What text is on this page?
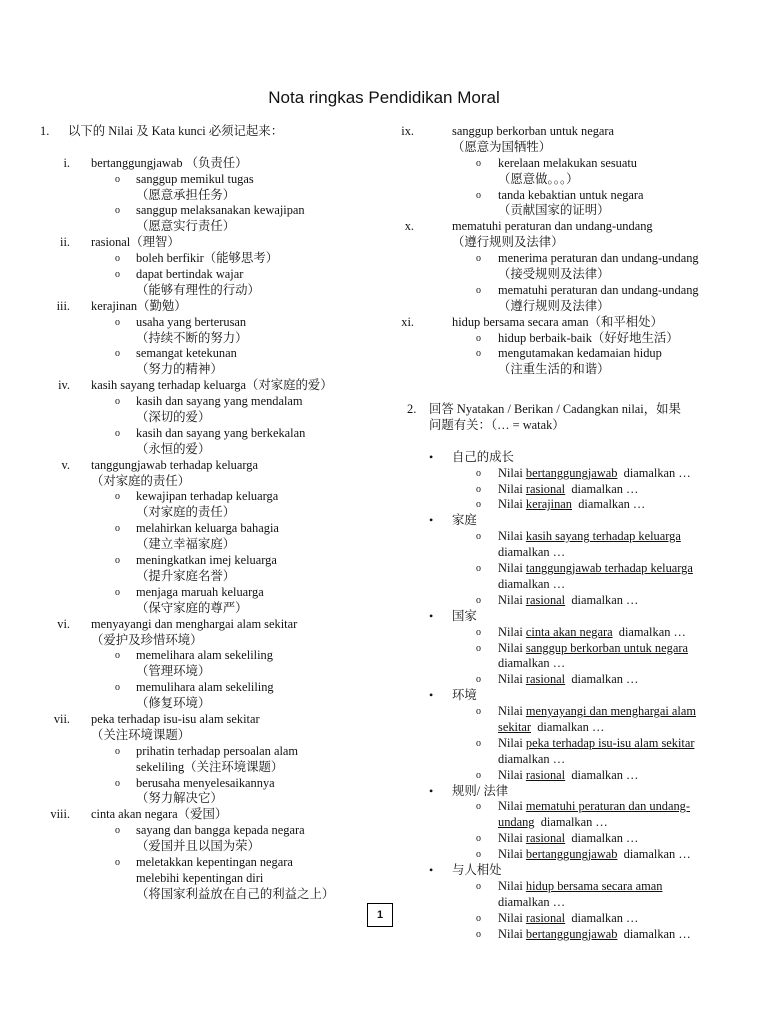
Nota ringkas Pendidikan Moral
1. 以下的 Nilai 及 Kata kunci 必须记起来：
i. bertanggungjawab （负责任）
o sanggup memikul tugas
（愿意承担任务）
o sanggup melaksanakan kewajipan
（愿意实行责任）
ii. rasional（理智）
o boleh berfikir（能够思考）
o dapat bertindak wajar
（能够有理性的行动）
iii. kerajinan（勤勉）
o usaha yang berterusan
（持续不断的努力）
o semangat ketekunan
（努力的精神）
iv. kasih sayang terhadap keluarga（对家庭的爱）
o kasih dan sayang yang mendalam
（深切的爱）
o kasih dan sayang yang berkekalan
（永恒的爱）
v. tanggungjawab terhadap keluarga
（对家庭的责任）
o kewajipan terhadap keluarga
（对家庭的责任）
o melahirkan keluarga bahagia
（建立幸福家庭）
o meningkatkan imej keluarga
（提升家庭名誉）
o menjaga maruah keluarga
（保守家庭的尊严）
vi. menyayangi dan menghargai alam sekitar
（爱护及珍惜环境）
o memelihara alam sekeliling
（管理环境）
o memulihara alam sekeliling
（修复环境）
vii. peka terhadap isu-isu alam sekitar
（关注环境课题）
o prihatin terhadap persoalan alam
sekeliling（关注环境课题）
o berusaha menyelesaikannya
（努力解决它）
viii. cinta akan negara（爱国）
o sayang dan bangga kepada negara
（爱国并且以国为荣）
o meletakkan kepentingan negara
melebihi kepentingan diri
（将国家利益放在自己的利益之上）
ix.	sanggup berkorban untuk negara
（愿意为国牺牲）
o kerelaan melakukan sesuatu
（愿意做。。。）
o tanda kebaktian untuk negara
（贡献国家的证明）
x.	mematuhi peraturan dan undang-undang
（遵行规则及法律）
o menerima peraturan dan undang-undang
（接受规则及法律）
o mematuhi peraturan dan undang-undang
（遵行规则及法律）
xi.	hidup bersama secara aman（和平相处）
o hidup berbaik-baik（好好地生活）
o mengutamakan kedamaian hidup
（注重生活的和谐）
2. 回答 Nyatakan / Berikan / Cadangkan nilai，如果
问题有关：（… = watak）
• 自己的成长
o Nilai bertanggungjawab diamalkan …
o Nilai rasional diamalkan …
o Nilai kerajinan diamalkan …
• 家庭
o Nilai kasih sayang terhadap keluarga
diamalkan …
o Nilai tanggungjawab terhadap keluarga
diamalkan …
o Nilai rasional diamalkan …
• 国家
o Nilai cinta akan negara diamalkan …
o Nilai sanggup berkorban untuk negara
diamalkan …
o Nilai rasional diamalkan …
• 环境
o Nilai menyayangi dan menghargai alam
sekitar diamalkan …
o Nilai peka terhadap isu-isu alam sekitar
diamalkan …
o Nilai rasional diamalkan …
• 规则/ 法律
o Nilai mematuhi peraturan dan undang-
undang diamalkan …
o Nilai rasional diamalkan …
o Nilai bertanggungjawab diamalkan …
• 与人相处
o Nilai hidup bersama secara aman
diamalkan …
o Nilai rasional diamalkan …
o Nilai bertanggungjawab diamalkan …
1
